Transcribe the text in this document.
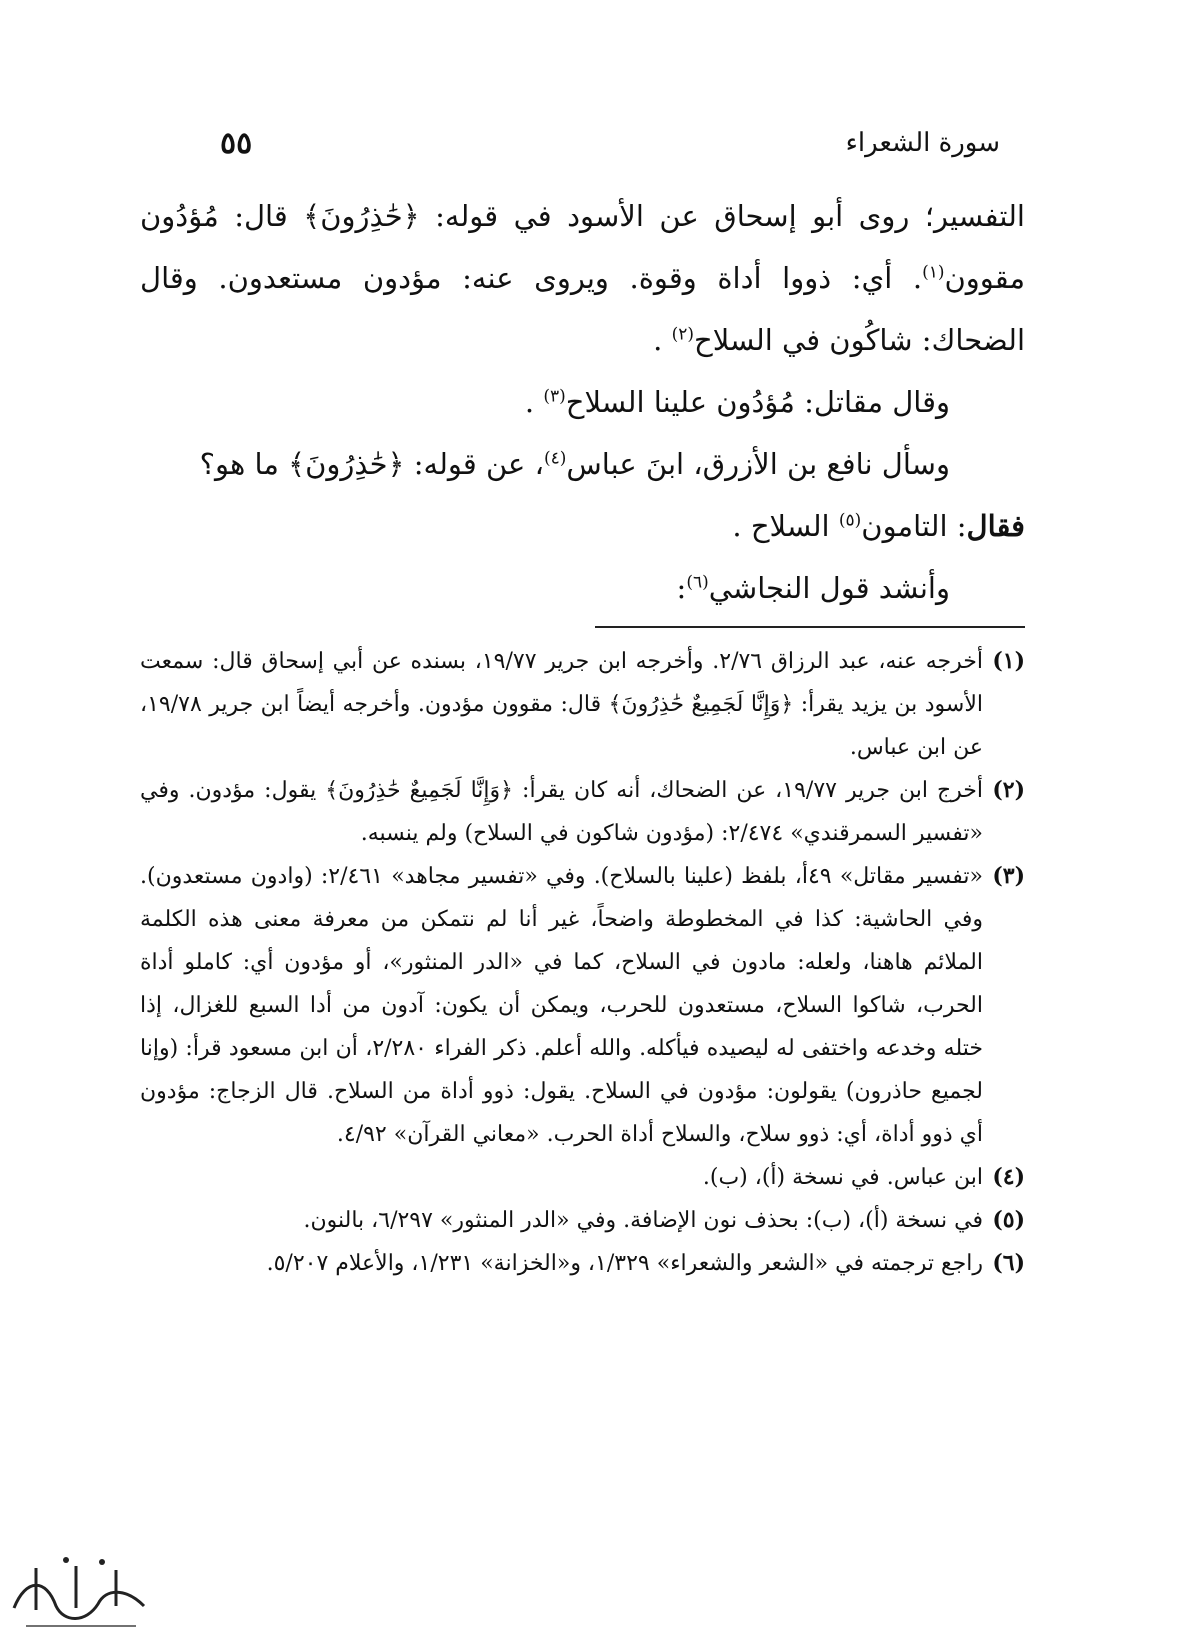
سورة الشعراء
٥٥

التفسير؛ روى أبو إسحاق عن الأسود في قوله: ﴿حَٰذِرُونَ﴾ قال: مُؤدُون مقوون$^{(١)}$. أي: ذووا أداة وقوة. ويروى عنه: مؤدون مستعدون. وقال الضحاك: شاكُون في السلاح$^{(٢)}$ .

وقال مقاتل: مُؤدُون علينا السلاح$^{(٣)}$ .

وسأل نافع بن الأزرق، ابنَ عباس$^{(٤)}$، عن قوله: ﴿حَٰذِرُونَ﴾ ما هو؟

فقال: التامون$^{(٥)}$ السلاح .

وأنشد قول النجاشي$^{(٦)}$:

(١)
أخرجه عنه، عبد الرزاق ٢/٧٦. وأخرجه ابن جرير ١٩/٧٧، بسنده عن أبي إسحاق قال: سمعت الأسود بن يزيد يقرأ: ﴿وَإِنَّا لَجَمِيعٌ حَٰذِرُونَ﴾ قال: مقوون مؤدون. وأخرجه أيضاً ابن جرير ١٩/٧٨، عن ابن عباس.
(٢)
أخرج ابن جرير ١٩/٧٧، عن الضحاك، أنه كان يقرأ: ﴿وَإِنَّا لَجَمِيعٌ حَٰذِرُونَ﴾ يقول: مؤدون. وفي «تفسير السمرقندي» ٢/٤٧٤: (مؤدون شاكون في السلاح) ولم ينسبه.
(٣)
«تفسير مقاتل» ٤٩أ، بلفظ (علينا بالسلاح). وفي «تفسير مجاهد» ٢/٤٦١: (وادون مستعدون). وفي الحاشية: كذا في المخطوطة واضحاً، غير أنا لم نتمكن من معرفة معنى هذه الكلمة الملائم هاهنا، ولعله: مادون في السلاح، كما في «الدر المنثور»، أو مؤدون أي: كاملو أداة الحرب، شاكوا السلاح، مستعدون للحرب، ويمكن أن يكون: آدون من أدا السبع للغزال، إذا ختله وخدعه واختفى له ليصيده فيأكله. والله أعلم. ذكر الفراء ٢/٢٨٠، أن ابن مسعود قرأ: (وإنا لجميع حاذرون) يقولون: مؤدون في السلاح. يقول: ذوو أداة من السلاح. قال الزجاج: مؤدون أي ذوو أداة، أي: ذوو سلاح، والسلاح أداة الحرب. «معاني القرآن» ٤/٩٢.
(٤)
ابن عباس. في نسخة (أ)، (ب).
(٥)
في نسخة (أ)، (ب): بحذف نون الإضافة. وفي «الدر المنثور» ٦/٢٩٧، بالنون.
(٦)
راجع ترجمته في «الشعر والشعراء» ١/٣٢٩، و«الخزانة» ١/٢٣١، والأعلام ٥/٢٠٧.
